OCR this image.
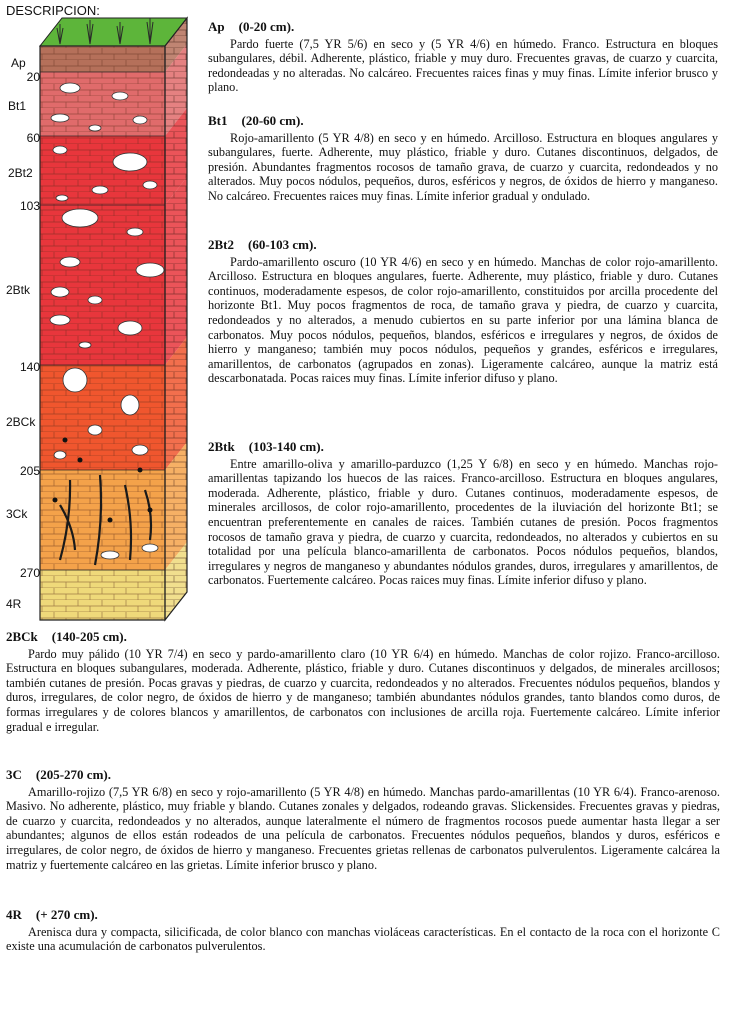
DESCRIPCION:
20
60
103
140
205
270
Ap
Bt1
2Bt2
2Btk
2BCk
3Ck
4R
Ap (0-20 cm).

Pardo fuerte (7,5 YR 5/6) en seco y (5 YR 4/6) en húmedo. Franco. Estructura en bloques subangulares, débil. Adherente, plástico, friable y muy duro. Frecuentes gravas, de cuarzo y cuarcita, redondeadas y no alteradas. No calcáreo. Frecuentes raices finas y muy finas. Límite inferior brusco y plano.

Bt1 (20-60 cm).

Rojo-amarillento (5 YR 4/8) en seco y en húmedo. Arcilloso. Estructura en bloques angulares y subangulares, fuerte. Adherente, muy plástico, friable y duro. Cutanes discontinuos, delgados, de presión. Abundantes fragmentos rocosos de tamaño grava, de cuarzo y cuarcita, redondeados y no alterados. Muy pocos nódulos, pequeños, duros, esféricos y negros, de óxidos de hierro y manganeso. No calcáreo. Frecuentes raices muy finas. Límite inferior gradual y ondulado.

2Bt2 (60-103 cm).

Pardo-amarillento oscuro (10 YR 4/6) en seco y en húmedo. Manchas de color rojo-amarillento. Arcilloso. Estructura en bloques angulares, fuerte. Adherente, muy plástico, friable y duro. Cutanes continuos, moderadamente espesos, de color rojo-amarillento, constituidos por arcilla procedente del horizonte Bt1. Muy pocos fragmentos de roca, de tamaño grava y piedra, de cuarzo y cuarcita, redondeados y no alterados, a menudo cubiertos en su parte inferior por una lámina blanca de carbonatos. Muy pocos nódulos, pequeños, blandos, esféricos e irregulares y negros, de óxidos de hierro y manganeso; también muy pocos nódulos, pequeños y grandes, esféricos e irregulares, amarillentos, de carbonatos (agrupados en zonas). Ligeramente calcáreo, aunque la matriz está descarbonatada. Pocas raices muy finas. Límite inferior difuso y plano.

2Btk (103-140 cm).

Entre amarillo-oliva y amarillo-parduzco (1,25 Y 6/8) en seco y en húmedo. Manchas rojo-amarillentas tapizando los huecos de las raices. Franco-arcilloso. Estructura en bloques angulares, moderada. Adherente, plástico, friable y duro. Cutanes continuos, moderadamente espesos, de minerales arcillosos, de color rojo-amarillento, procedentes de la iluviación del horizonte Bt1; se encuentran preferentemente en canales de raices. También cutanes de presión. Pocos fragmentos rocosos de tamaño grava y piedra, de cuarzo y cuarcita, redondeados, no alterados y cubiertos en su totalidad por una película blanco-amarillenta de carbonatos. Pocos nódulos pequeños, blandos, irregulares y negros de manganeso y abundantes nódulos grandes, duros, irregulares y amarillentos, de carbonatos. Fuertemente calcáreo. Pocas raices muy finas. Límite inferior difuso y plano.

2BCk (140-205 cm).

Pardo muy pálido (10 YR 7/4) en seco y pardo-amarillento claro (10 YR 6/4) en húmedo. Manchas de color rojizo. Franco-arcilloso. Estructura en bloques subangulares, moderada. Adherente, plástico, friable y duro. Cutanes discontinuos y delgados, de minerales arcillosos; también cutanes de presión. Pocas gravas y piedras, de cuarzo y cuarcita, redondeados y no alterados. Frecuentes nódulos pequeños, blandos y duros, irregulares, de color negro, de óxidos de hierro y de manganeso; también abundantes nódulos grandes, tanto blandos como duros, de formas irregulares y de colores blancos y amarillentos, de carbonatos con inclusiones de arcilla roja. Fuertemente calcáreo. Límite inferior gradual e irregular.

3C (205-270 cm).

Amarillo-rojizo (7,5 YR 6/8) en seco y rojo-amarillento (5 YR 4/8) en húmedo. Manchas pardo-amarillentas (10 YR 6/4). Franco-arenoso. Masivo. No adherente, plástico, muy friable y blando. Cutanes zonales y delgados, rodeando gravas. Slickensides. Frecuentes gravas y piedras, de cuarzo y cuarcita, redondeados y no alterados, aunque lateralmente el número de fragmentos rocosos puede aumentar hasta llegar a ser abundantes; algunos de ellos están rodeados de una película de carbonatos. Frecuentes nódulos pequeños, blandos y duros, esféricos e irregulares, de color negro, de óxidos de hierro y manganeso. Frecuentes grietas rellenas de carbonatos pulverulentos. Ligeramente calcárea la matriz y fuertemente calcáreo en las grietas. Límite inferior brusco y plano.

4R (+ 270 cm).

Arenisca dura y compacta, silicificada, de color blanco con manchas violáceas características. En el contacto de la roca con el horizonte C existe una acumulación de carbonatos pulverulentos.
